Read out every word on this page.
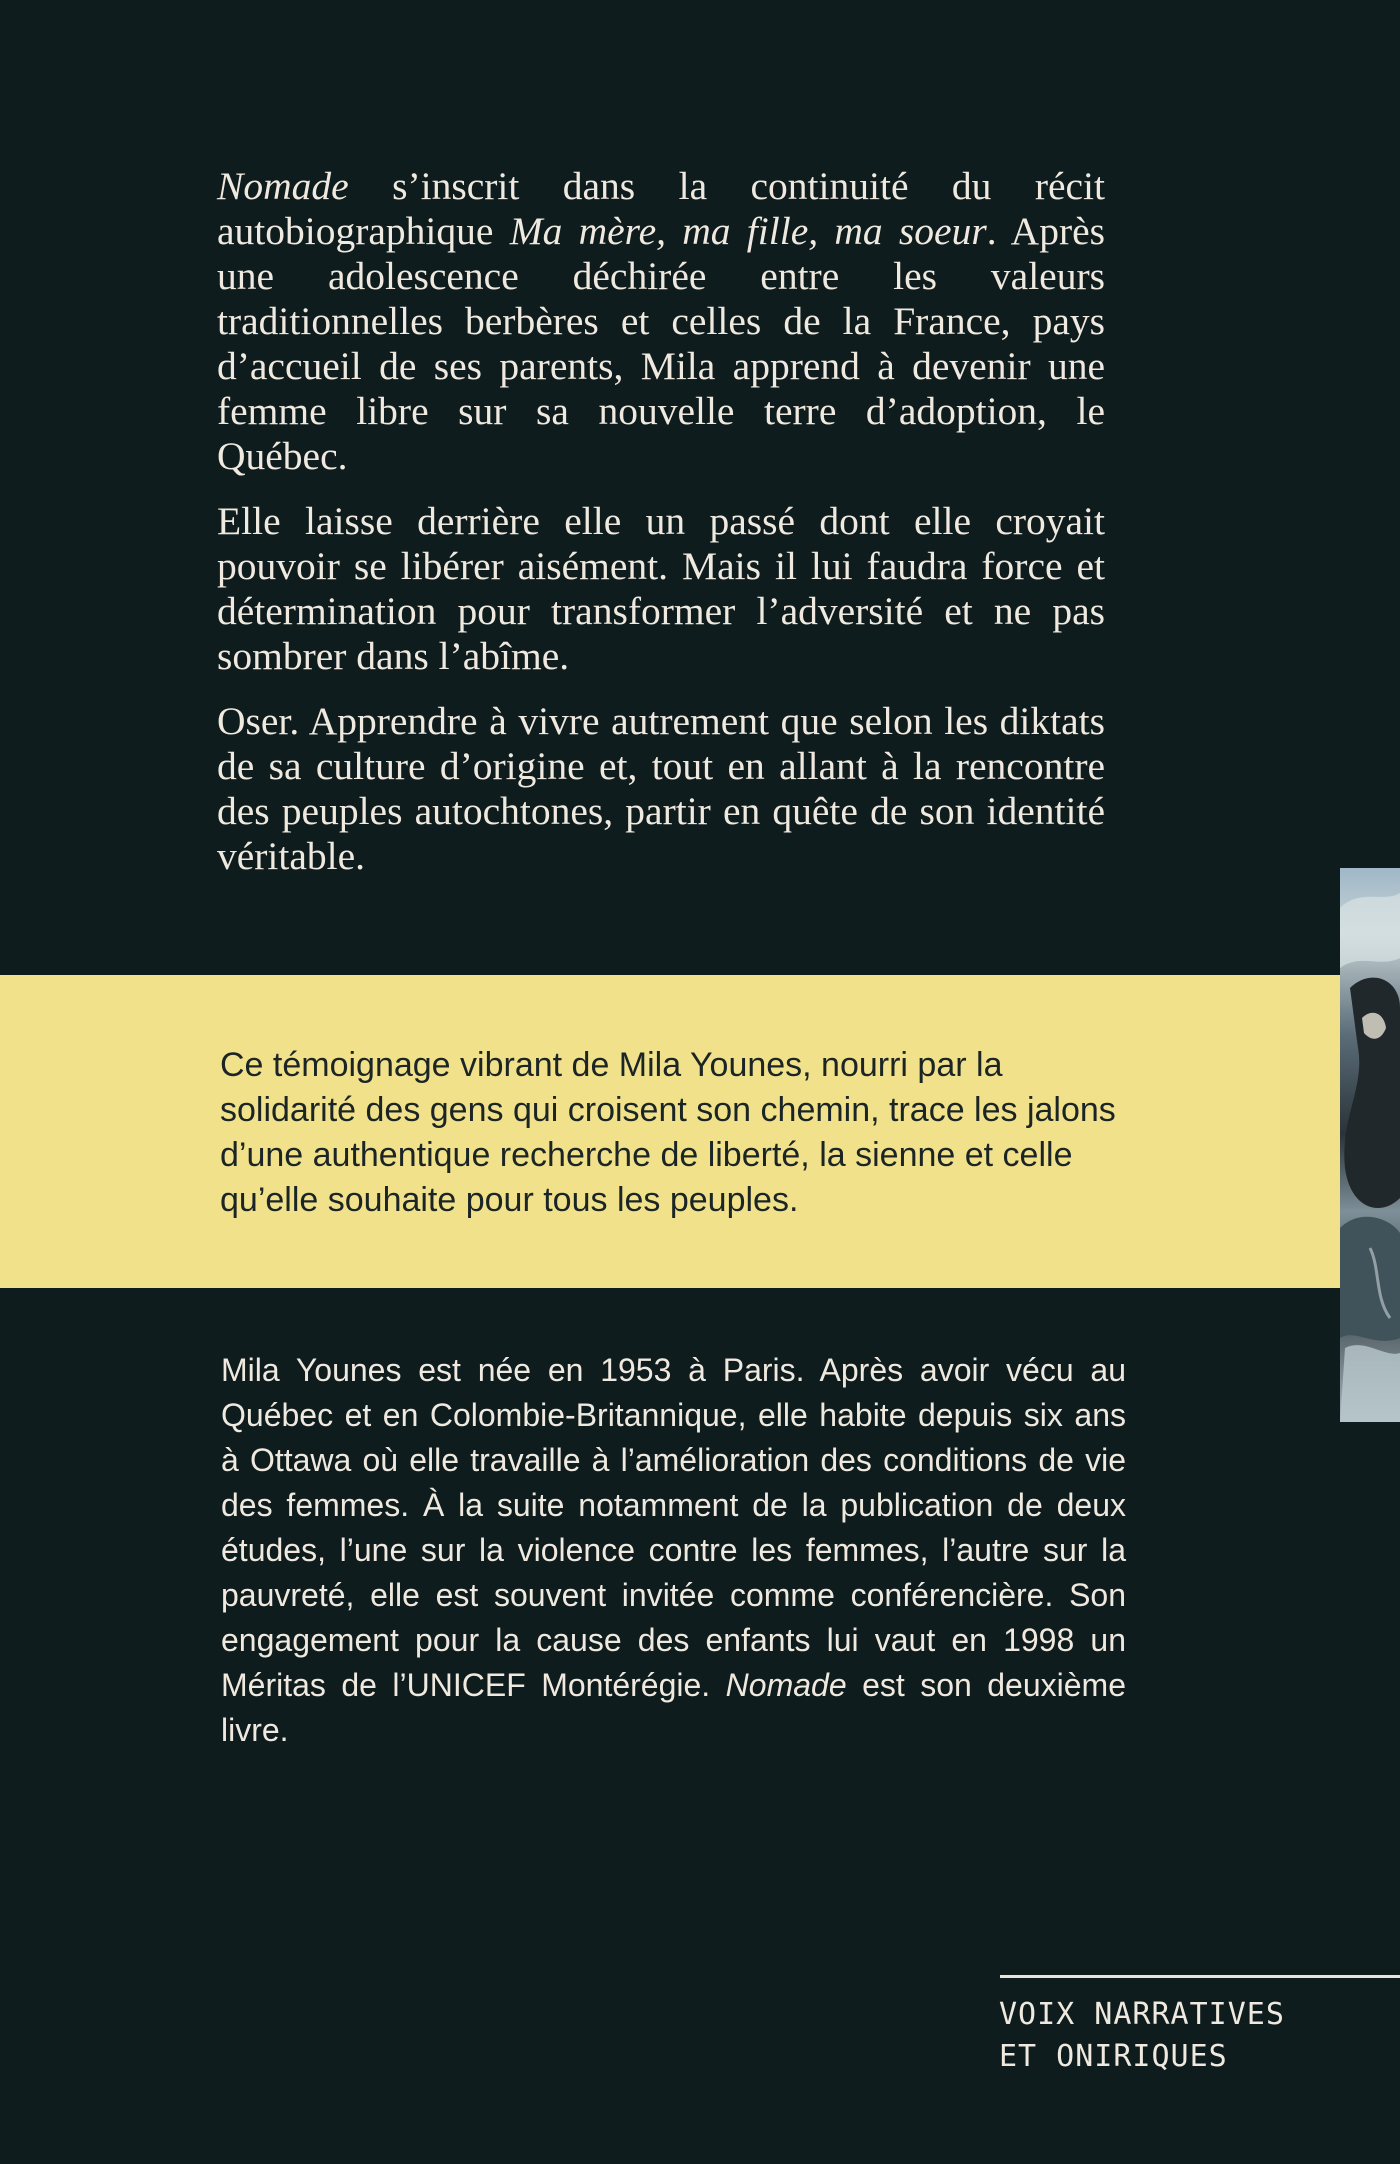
Nomade s’inscrit dans la continuité du récit autobiographique Ma mère, ma fille, ma soeur. Après une adolescence déchirée entre les valeurs traditionnelles berbères et celles de la France, pays d’accueil de ses parents, Mila apprend à devenir une femme libre sur sa nouvelle terre d’adoption, le Québec.

Elle laisse derrière elle un passé dont elle croyait pouvoir se libérer aisément. Mais il lui faudra force et détermination pour transformer l’adversité et ne pas sombrer dans l’abîme.

Oser. Apprendre à vivre autrement que selon les diktats de sa culture d’origine et, tout en allant à la rencontre des peuples autochtones, partir en quête de son identité véritable.

Ce témoignage vibrant de Mila Younes, nourri par la solidarité des gens qui croisent son chemin, trace les jalons d’une authentique recherche de liberté, la sienne et celle qu’elle souhaite pour tous les peuples.
Mila Younes est née en 1953 à Paris. Après avoir vécu au Québec et en Colombie-Britannique, elle habite depuis six ans à Ottawa où elle travaille à l’amélioration des conditions de vie des femmes. À la suite notamment de la publication de deux études, l’une sur la violence contre les femmes, l’autre sur la pauvreté, elle est souvent invitée comme conférencière. Son engagement pour la cause des enfants lui vaut en 1998 un Méritas de l’UNICEF Montérégie. Nomade est son deuxième livre.
VOIX NARRATIVES
ET ONIRIQUES
